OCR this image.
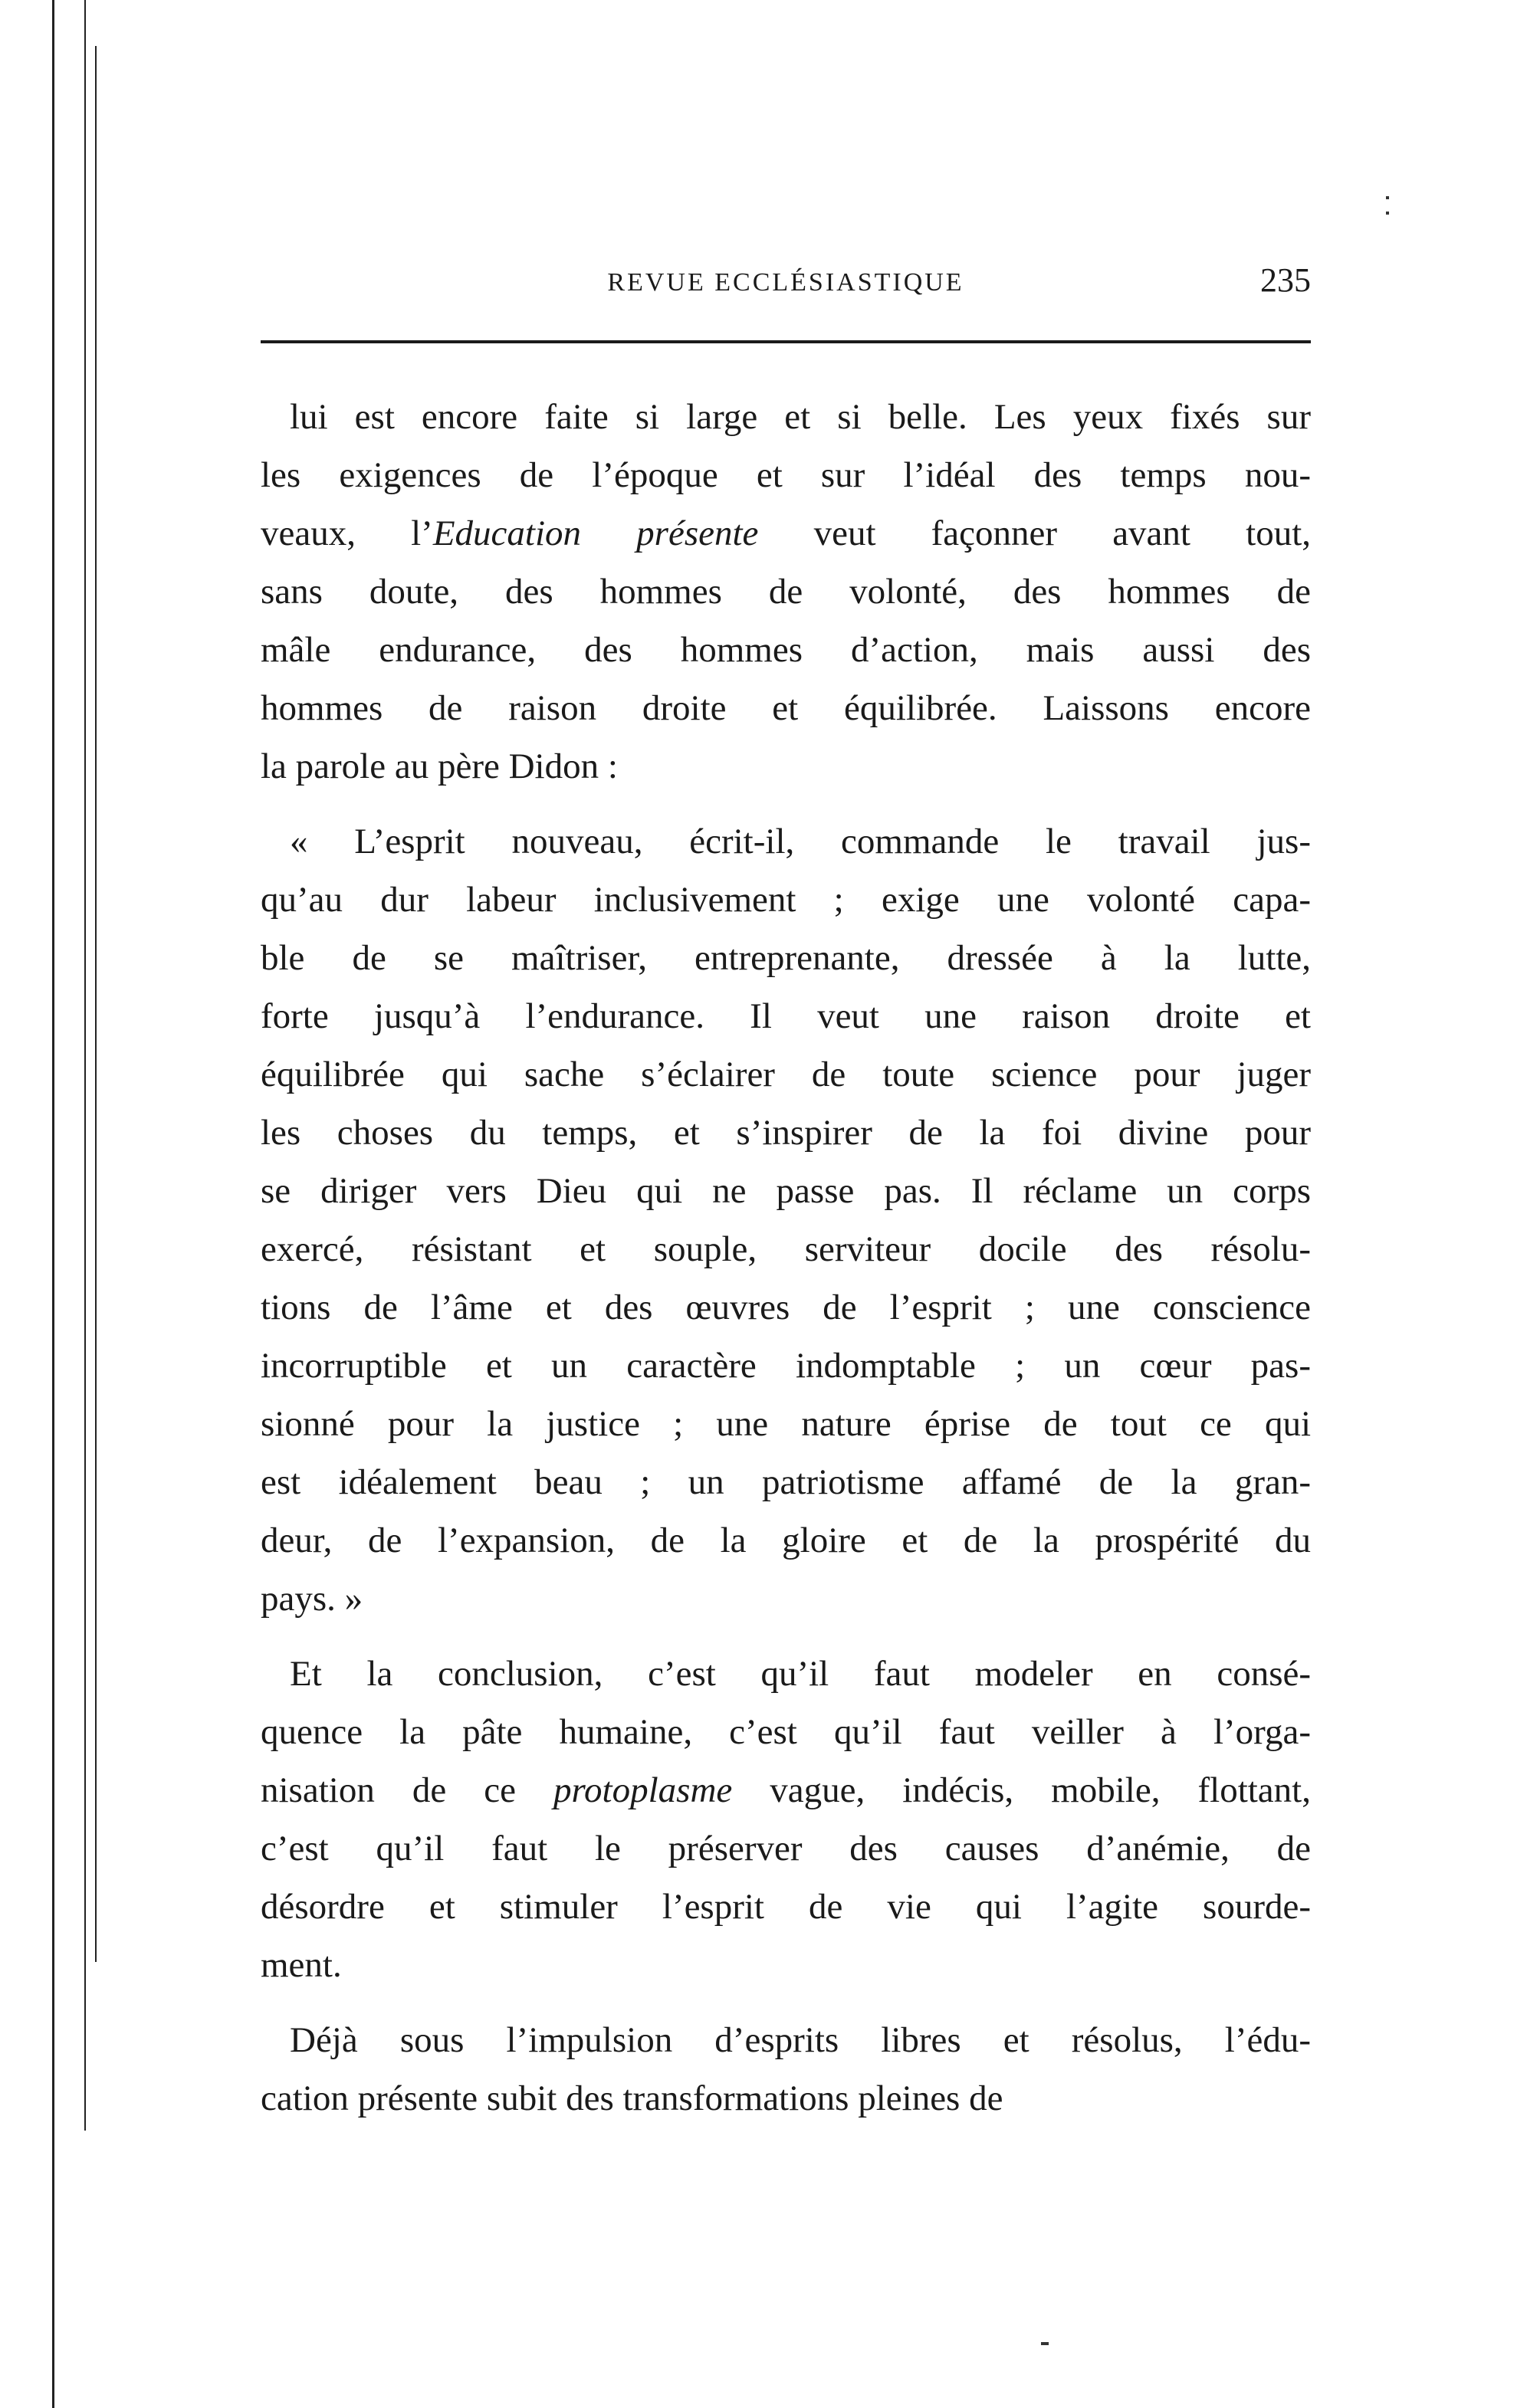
REVUE ECCLÉSIASTIQUE	235
lui est encore faite si large et si belle. Les yeux fixés sur
les exigences de l’époque et sur l’idéal des temps nou-
veaux, l’Education présente veut façonner avant tout,
sans doute, des hommes de volonté, des hommes de
mâle endurance, des hommes d’action, mais aussi des
hommes de raison droite et équilibrée. Laissons encore
la parole au père Didon :
« L’esprit nouveau, écrit-il, commande le travail jus-
qu’au dur labeur inclusivement ; exige une volonté capa-
ble de se maîtriser, entreprenante, dressée à la lutte,
forte jusqu’à l’endurance. Il veut une raison droite et
équilibrée qui sache s’éclairer de toute science pour juger
les choses du temps, et s’inspirer de la foi divine pour
se diriger vers Dieu qui ne passe pas. Il réclame un corps
exercé, résistant et souple, serviteur docile des résolu-
tions de l’âme et des œuvres de l’esprit ; une conscience
incorruptible et un caractère indomptable ; un cœur pas-
sionné pour la justice ; une nature éprise de tout ce qui
est idéalement beau ; un patriotisme affamé de la gran-
deur, de l’expansion, de la gloire et de la prospérité du
pays. »
Et la conclusion, c’est qu’il faut modeler en consé-
quence la pâte humaine, c’est qu’il faut veiller à l’orga-
nisation de ce protoplasme vague, indécis, mobile, flottant,
c’est qu’il faut le préserver des causes d’anémie, de
désordre et stimuler l’esprit de vie qui l’agite sourde-
ment.
Déjà sous l’impulsion d’esprits libres et résolus, l’édu-
cation présente subit des transformations pleines de
